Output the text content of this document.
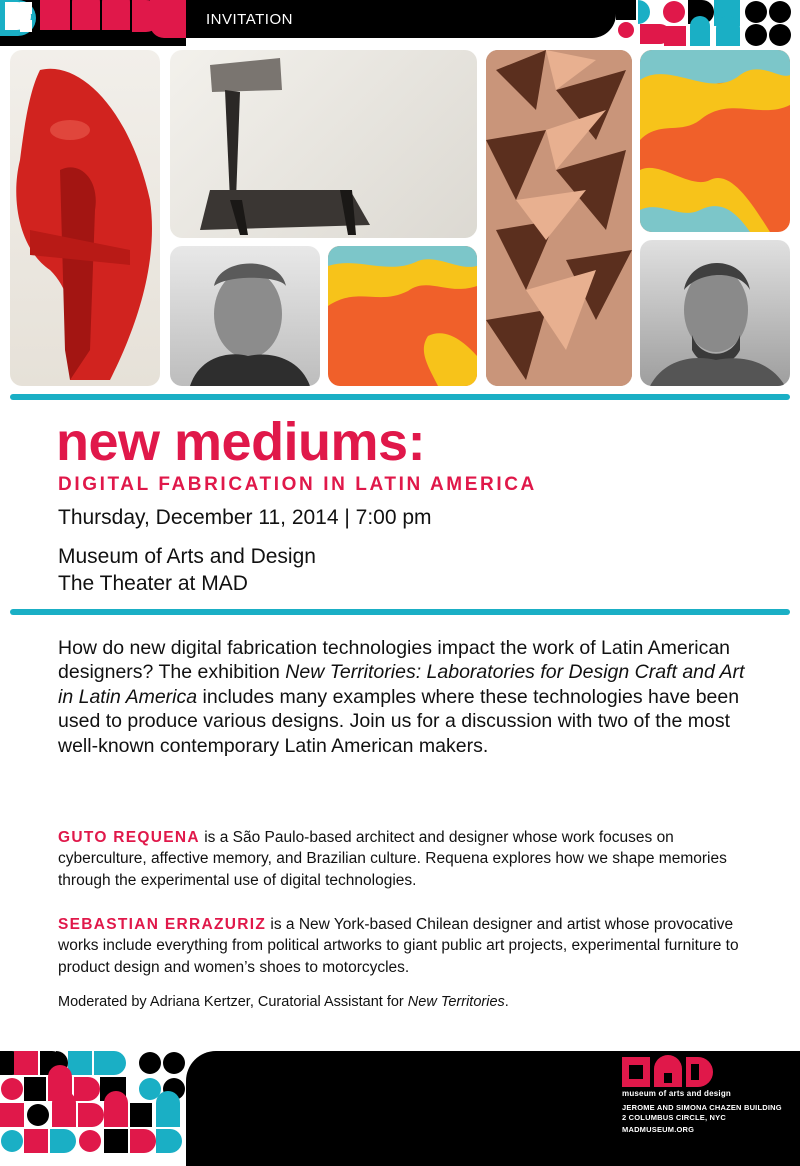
INVITATION
new mediums:
DIGITAL FABRICATION IN LATIN AMERICA
Thursday, December 11, 2014 | 7:00 pm
Museum of Arts and Design
The Theater at MAD

How do new digital fabrication technologies impact the work of Latin American designers? The exhibition New Territories: Laboratories for Design Craft and Art in Latin America includes many examples where these technologies have been used to produce various designs. Join us for a discussion with two of the most well-known contemporary Latin American makers.

GUTO REQUENA is a São Paulo-based architect and designer whose work focuses on cyberculture, affective memory, and Brazilian culture. Requena explores how we shape memories through the experimental use of digital technologies.

SEBASTIAN ERRAZURIZ is a New York-based Chilean designer and artist whose provocative works include everything from political artworks to giant public art projects, experimental furniture to product design and women’s shoes to motorcycles.

Moderated by Adriana Kertzer, Curatorial Assistant for New Territories.

museum of arts and design
JEROME AND SIMONA CHAZEN BUILDING
2 COLUMBUS CIRCLE, NYC
MADMUSEUM.ORG
